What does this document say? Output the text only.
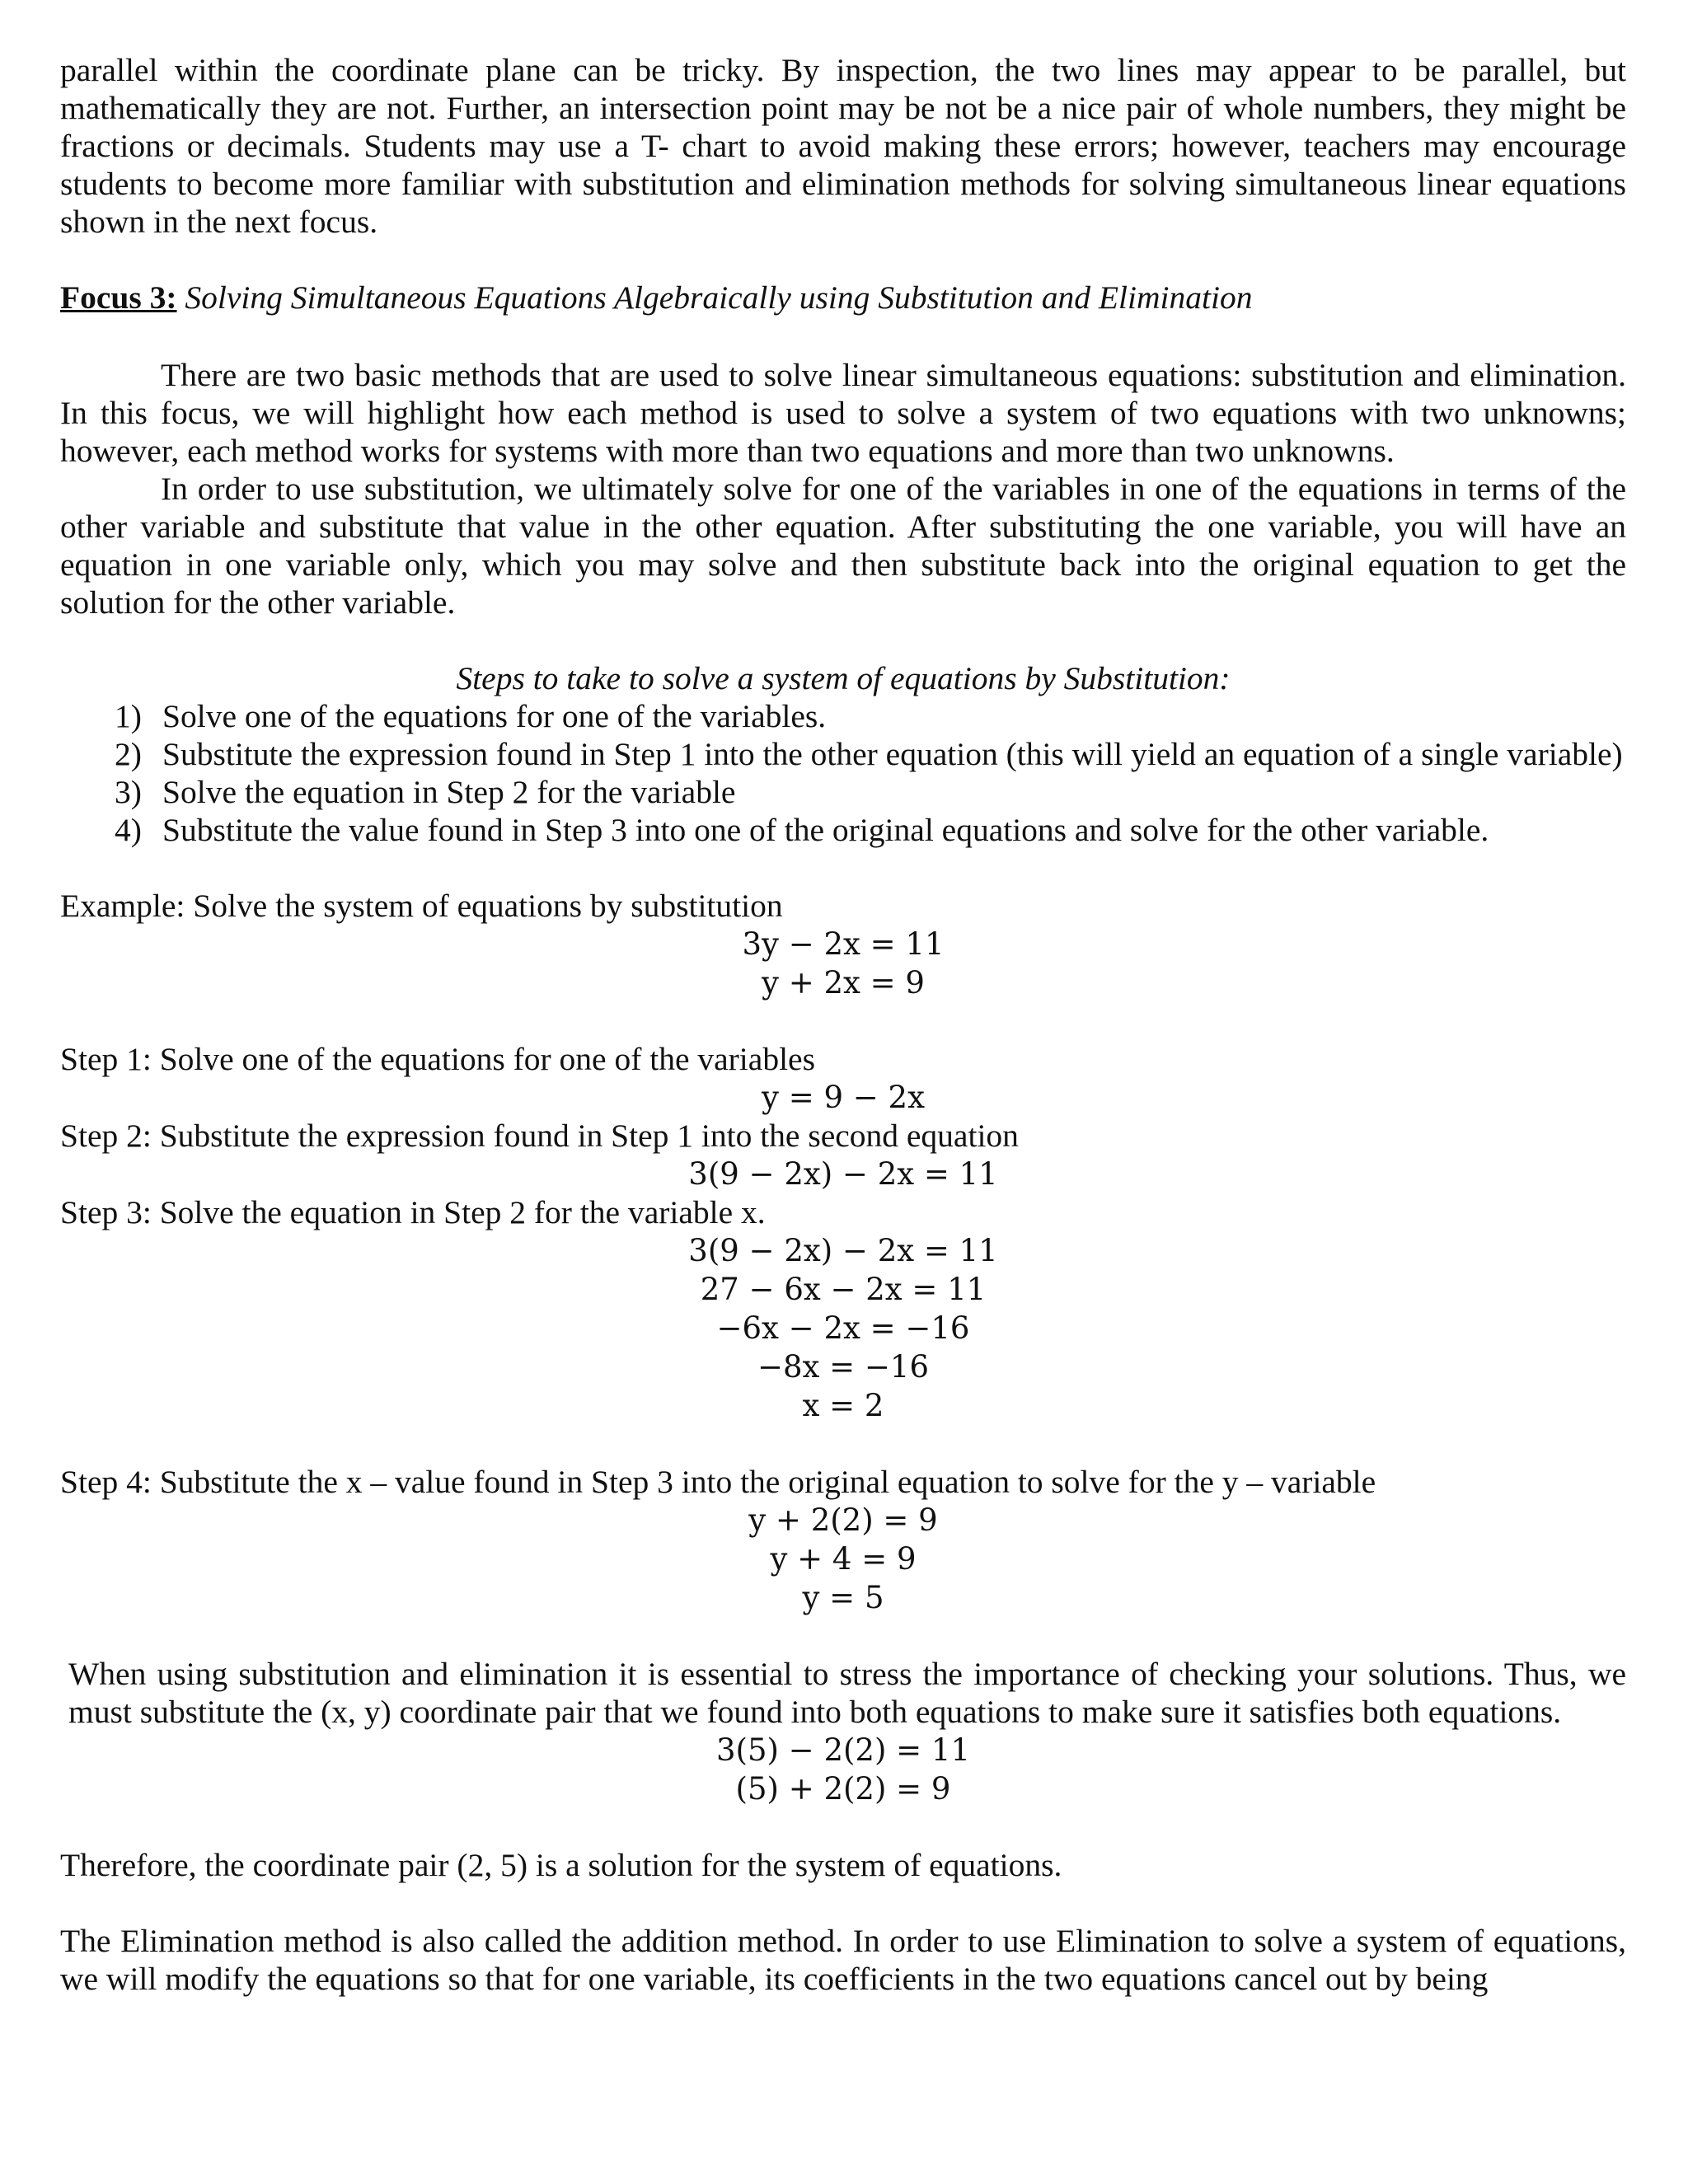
parallel within the coordinate plane can be tricky. By inspection, the two lines may appear to be parallel, but mathematically they are not. Further, an intersection point may be not be a nice pair of whole numbers, they might be fractions or decimals. Students may use a T- chart to avoid making these errors; however, teachers may encourage students to become more familiar with substitution and elimination methods for solving simultaneous linear equations shown in the next focus.

Focus 3: Solving Simultaneous Equations Algebraically using Substitution and Elimination

There are two basic methods that are used to solve linear simultaneous equations: substitution and elimination. In this focus, we will highlight how each method is used to solve a system of two equations with two unknowns; however, each method works for systems with more than two equations and more than two unknowns.

In order to use substitution, we ultimately solve for one of the variables in one of the equations in terms of the other variable and substitute that value in the other equation. After substituting the one variable, you will have an equation in one variable only, which you may solve and then substitute back into the original equation to get the solution for the other variable.

Steps to take to solve a system of equations by Substitution:

1) Solve one of the equations for one of the variables.
2) Substitute the expression found in Step 1 into the other equation (this will yield an equation of a single variable)
3) Solve the equation in Step 2 for the variable
4) Substitute the value found in Step 3 into one of the original equations and solve for the other variable.

Example: Solve the system of equations by substitution

3y − 2x = 11
y + 2x = 9

Step 1: Solve one of the equations for one of the variables

y = 9 − 2x

Step 2: Substitute the expression found in Step 1 into the second equation

3(9 − 2x) − 2x = 11

Step 3: Solve the equation in Step 2 for the variable x.

3(9 − 2x) − 2x = 11
27 − 6x − 2x = 11
−6x − 2x = −16
−8x = −16
x = 2

Step 4: Substitute the x – value found in Step 3 into the original equation to solve for the y – variable

y + 2(2) = 9
y + 4 = 9
y = 5

When using substitution and elimination it is essential to stress the importance of checking your solutions. Thus, we must substitute the (x, y) coordinate pair that we found into both equations to make sure it satisfies both equations.

3(5) − 2(2) = 11
(5) + 2(2) = 9

Therefore, the coordinate pair (2, 5) is a solution for the system of equations.

The Elimination method is also called the addition method. In order to use Elimination to solve a system of equations, we will modify the equations so that for one variable, its coefficients in the two equations cancel out by being
